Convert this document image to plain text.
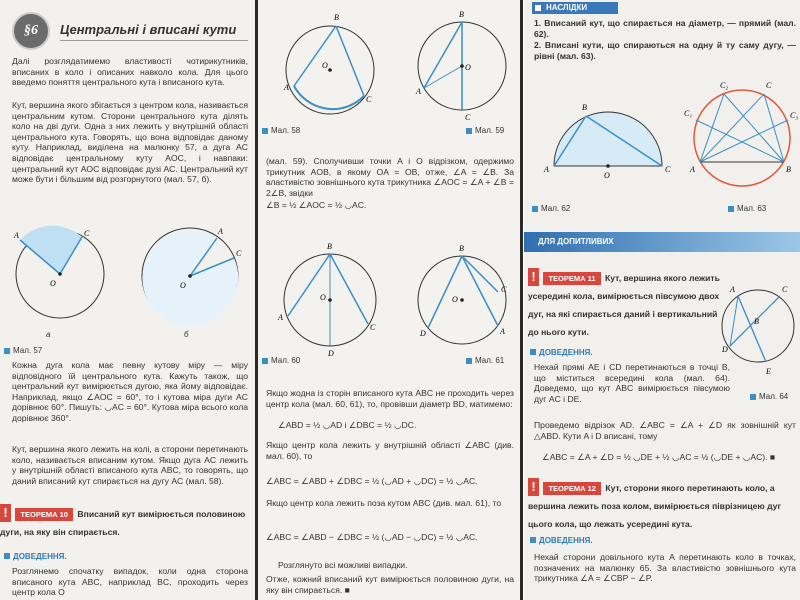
§6	Центральні і вписані кути
Далі розглядатимемо властивості чотирикутників, вписаних в коло і описаних навколо кола. Для цього введемо поняття центрального кута і вписаного кута.
Кут, вершина якого збігається з центром кола, називається центральним кутом. Сторони центрального кута ділять коло на дві дуги. Одна з них лежить у внутрішній області центрального кута. Говорять, що вона відповідає даному куту. Наприклад, виділена на малюнку 57, а дуга AC відповідає центральному куту AOC, і навпаки: центральний кут AOC відповідає дузі AC. Центральний кут може бути і більшим від розгорнутого (мал. 57, б).
O
A	C
O
A
C
а	б
Мал. 57
Кожна дуга кола має певну кутову міру — міру відповідного їй центрального кута. Кажуть також, що центральний кут вимірюється дугою, яка йому відповідає. Наприклад, якщо ∠AOC = 60°, то і кутова міра дуги AC дорівнює 60°. Пишуть: ◡AC = 60°. Кутова міра всього кола дорівнює 360°.
Кут, вершина якого лежить на колі, а сторони перетинають коло, називається вписаним кутом. Якщо дуга AC лежить у внутрішній області вписаного кута ABC, то говорять, що даний вписаний кут спирається на дугу AC (мал. 58).
! ТЕОРЕМА 10 Вписаний кут вимірюється половиною дуги, на яку він спирається.
ДОВЕДЕННЯ.
Розглянемо спочатку випадок, коли одна сторона вписаного кута ABC, наприклад BC, проходить через центр кола O
O
B
A
C
O
B
A
C
Мал. 58	Мал. 59
(мал. 59). Сполучивши точки A і O відрізком, одержимо трикутник AOB, в якому OA = OB, отже, ∠A = ∠B. За властивістю зовнішнього кута трикутника ∠AOC = ∠A + ∠B = 2∠B, звідки
∠B = ½ ∠AOC = ½ ◡AC.
O
B
A
C
D
O
B
D
C
A
Мал. 60	Мал. 61
Якщо жодна із сторін вписаного кута ABC не проходить через центр кола (мал. 60, 61), то, провівши діаметр BD, матимемо:
∠ABD = ½ ◡AD і ∠DBC = ½ ◡DC.
Якщо центр кола лежить у внутрішній області ∠ABC (див. мал. 60), то
∠ABC = ∠ABD + ∠DBC = ½ (◡AD + ◡DC) = ½ ◡AC.
Якщо центр кола лежить поза кутом ABC (див. мал. 61), то
∠ABC = ∠ABD − ∠DBC = ½ (◡AD − ◡DC) = ½ ◡AC.
Розглянуто всі можливі випадки.
Отже, кожний вписаний кут вимірюється половиною дуги, на яку він спирається. ■
НАСЛІДКИ
1. Вписаний кут, що спирається на діаметр, — прямий (мал. 62).
2. Вписані кути, що спираються на одну й ту саму дугу, — рівні (мал. 63).
O
B
A	C
C₁
C₂	C
C₃
A	B
Мал. 62	Мал. 63
ДЛЯ ДОПИТЛИВИХ
! ТЕОРЕМА 11 Кут, вершина якого лежить усередині кола, вимірюється півсумою двох дуг, на які спирається даний і вертикальний до нього кути.
A	C
B
D
E
Мал. 64
ДОВЕДЕННЯ.
Нехай прямі AE і CD перетинаються в точці B, що міститься всередині кола (мал. 64). Доведемо, що кут ABC вимірюється півсумою дуг AC і DE.
Проведемо відрізок AD. ∠ABC = ∠A + ∠D як зовнішній кут △ABD. Кути A і D вписані, тому
∠ABC = ∠A + ∠D = ½ ◡DE + ½ ◡AC = ½ (◡DE + ◡AC). ■
! ТЕОРЕМА 12 Кут, сторони якого перетинають коло, а вершина лежить поза колом, вимірюється піврізницею дуг цього кола, що лежать усередині кута.
ДОВЕДЕННЯ.
Нехай сторони довільного кута A перетинають коло в точках, позначених на малюнку 65. За властивістю зовнішнього кута трикутника ∠A = ∠CBP − ∠P.
